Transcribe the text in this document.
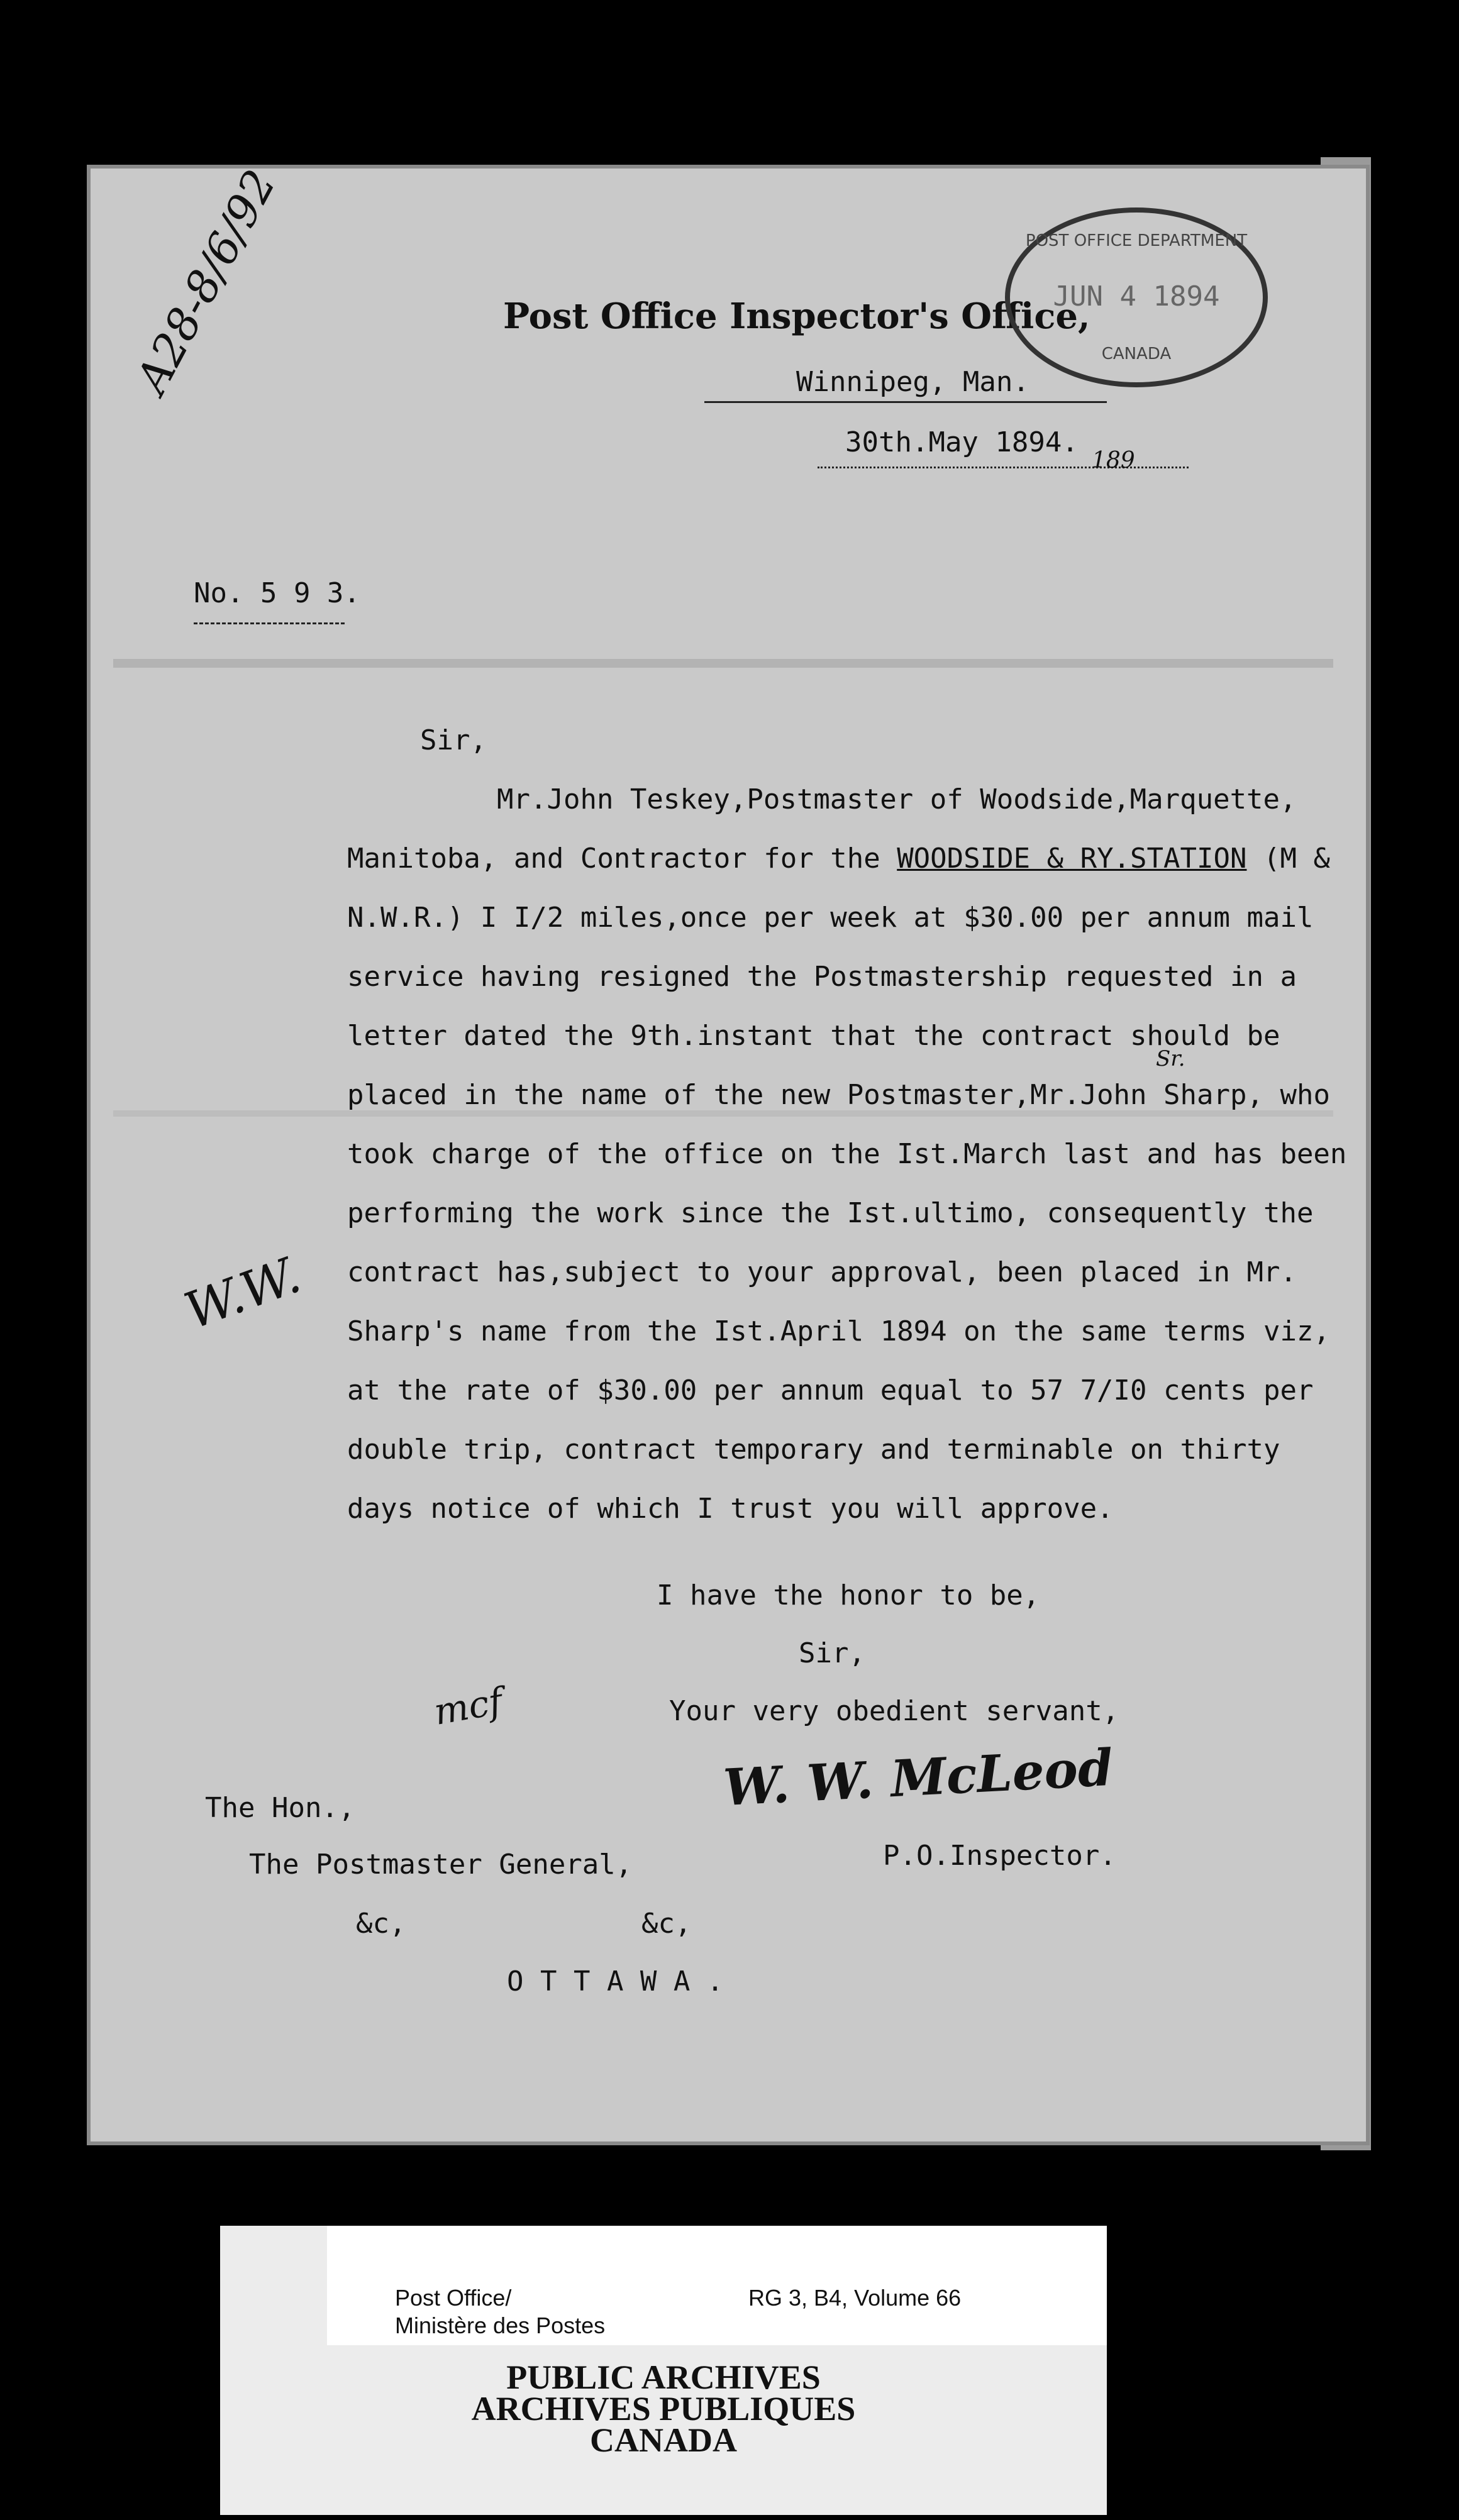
Post Office Inspector's Office,
POST OFFICE DEPARTMENT
JUN 4 1894
CANADA
A28-8/6/92	Winnipeg, Man.
30th.May 1894.
189
No. 5 9 3.
Sir,
Mr.John Teskey,Postmaster of Woodside,Marquette,
Manitoba, and Contractor for the WOODSIDE & RY.STATION (M &
N.W.R.) I I/2 miles,once per week at $30.00 per annum mail
service having resigned the Postmastership requested in a
letter dated the 9th.instant that the contract should be
placed in the name of the new Postmaster,Mr.John Sharp, who
Sr.
took charge of the office on the Ist.March last and has been
performing the work since the Ist.ultimo, consequently the
contract has,subject to your approval, been placed in Mr.
Sharp's name from the Ist.April 1894 on the same terms viz,
at the rate of $30.00 per annum equal to 57 7/I0 cents per
double trip, contract temporary and terminable on thirty
days notice of which I trust you will approve.
W.W.
I have the honor to be,
Sir,
Your very obedient servant,
mcf
W. W. McLeod
The Hon.,
The Postmaster General,	P.O.Inspector.
&c,	&c,
O T T A W A .
Post Office/
Ministère des Postes
RG 3, B4, Volume 66
PUBLIC ARCHIVES
ARCHIVES PUBLIQUES
CANADA
